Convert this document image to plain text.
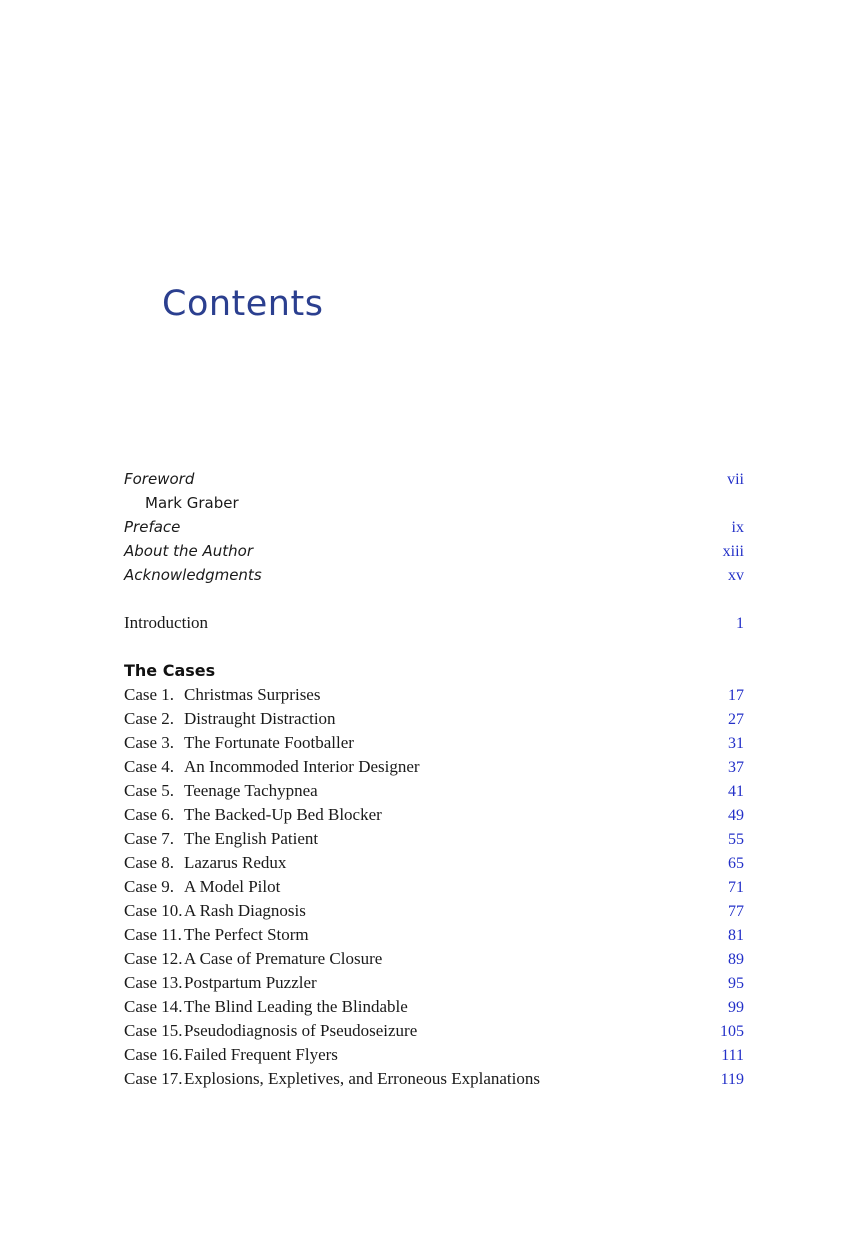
Contents
Foreword	vii
Mark Graber
Preface	ix
About the Author	xiii
Acknowledgments	xv
Introduction	1
The Cases
Case 1. Christmas Surprises	17
Case 2. Distraught Distraction	27
Case 3. The Fortunate Footballer	31
Case 4. An Incommoded Interior Designer	37
Case 5. Teenage Tachypnea	41
Case 6. The Backed-Up Bed Blocker	49
Case 7. The English Patient	55
Case 8. Lazarus Redux	65
Case 9. A Model Pilot	71
Case 10.A Rash Diagnosis	77
Case 11. The Perfect Storm	81
Case 12.A Case of Premature Closure	89
Case 13.Postpartum Puzzler	95
Case 14.The Blind Leading the Blindable	99
Case 15.Pseudodiagnosis of Pseudoseizure	105
Case 16.Failed Frequent Flyers	111
Case 17.Explosions, Expletives, and Erroneous Explanations	119
